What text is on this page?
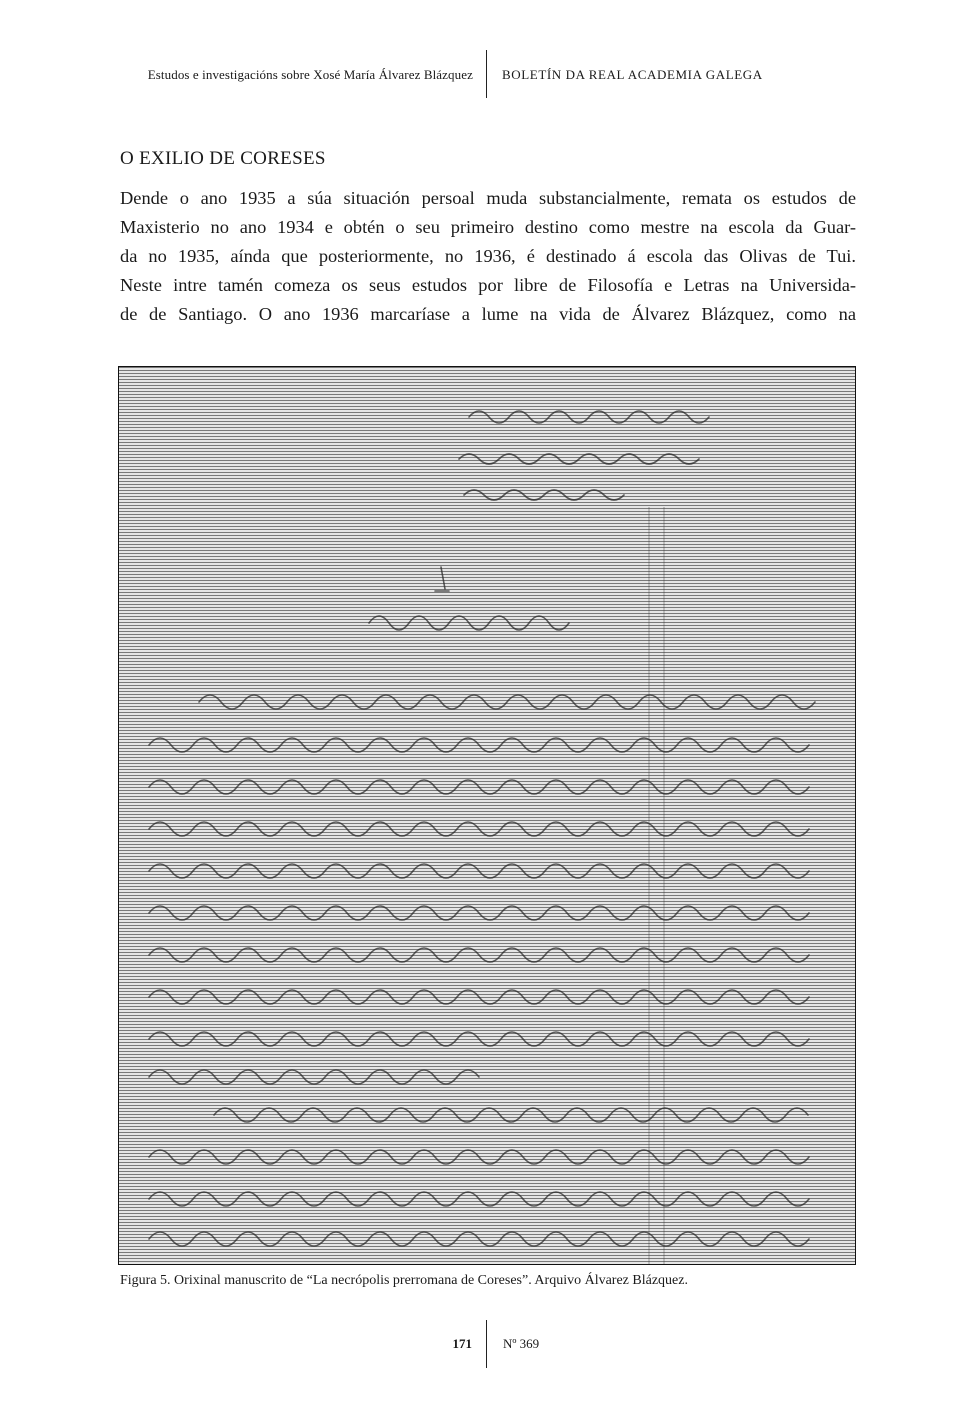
Estudos e investigacións sobre Xosé María Álvarez Blázquez BOLETÍN DA REAL ACADEMIA GALEGA
O EXILIO DE CORESES
Dende o ano 1935 a súa situación persoal muda substancialmente, remata os estudos de
Maxisterio no ano 1934 e obtén o seu primeiro destino como mestre na escola da Guar-
da no 1935, aínda que posteriormente, no 1936, é destinado á escola das Olivas de Tui.
Neste intre tamén comeza os seus estudos por libre de Filosofía e Letras na Universida-
de de Santiago. O ano 1936 marcaríase a lume na vida de Álvarez Blázquez, como na
Figura 5. Orixinal manuscrito de “La necrópolis prerromana de Coreses”. Arquivo Álvarez Blázquez.
171 Nº 369
